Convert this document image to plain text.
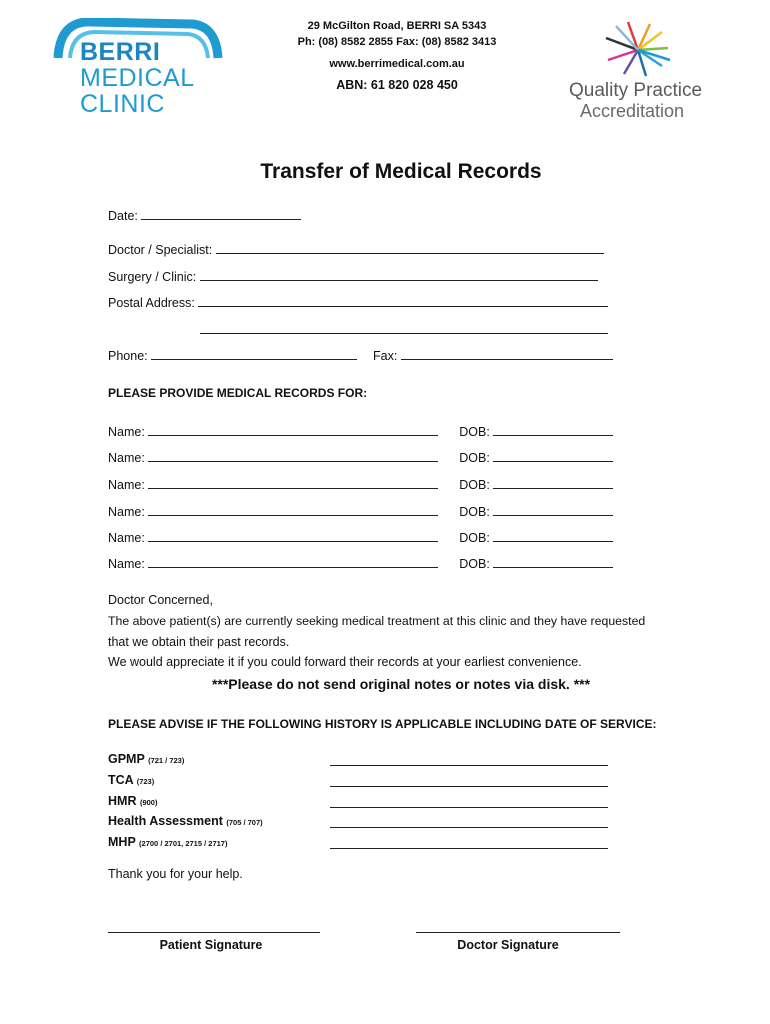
BERRI
MEDICAL
CLINIC
29 McGilton Road, BERRI SA 5343
Ph: (08) 8582 2855 Fax: (08) 8582 3413
www.berrimedical.com.au
ABN: 61 820 028 450	Quality Practice
Accreditation
Transfer of Medical Records
Date:
Doctor / Specialist:
Surgery / Clinic:
Postal Address:
Phone:	Fax:
PLEASE PROVIDE MEDICAL RECORDS FOR:
Name:	DOB:
Name:	DOB:
Name:	DOB:
Name:	DOB:
Name:	DOB:
Name:	DOB:
Doctor Concerned,
The above patient(s) are currently seeking medical treatment at this clinic and they have requested
that we obtain their past records.
We would appreciate it if you could forward their records at your earliest convenience.
***Please do not send original notes or notes via disk. ***
PLEASE ADVISE IF THE FOLLOWING HISTORY IS APPLICABLE INCLUDING DATE OF SERVICE:
GPMP (721 / 723)
TCA (723)
HMR (900)
Health Assessment (705 / 707)
MHP (2700 / 2701, 2715 / 2717)
Thank you for your help.
Patient Signature	Doctor Signature
